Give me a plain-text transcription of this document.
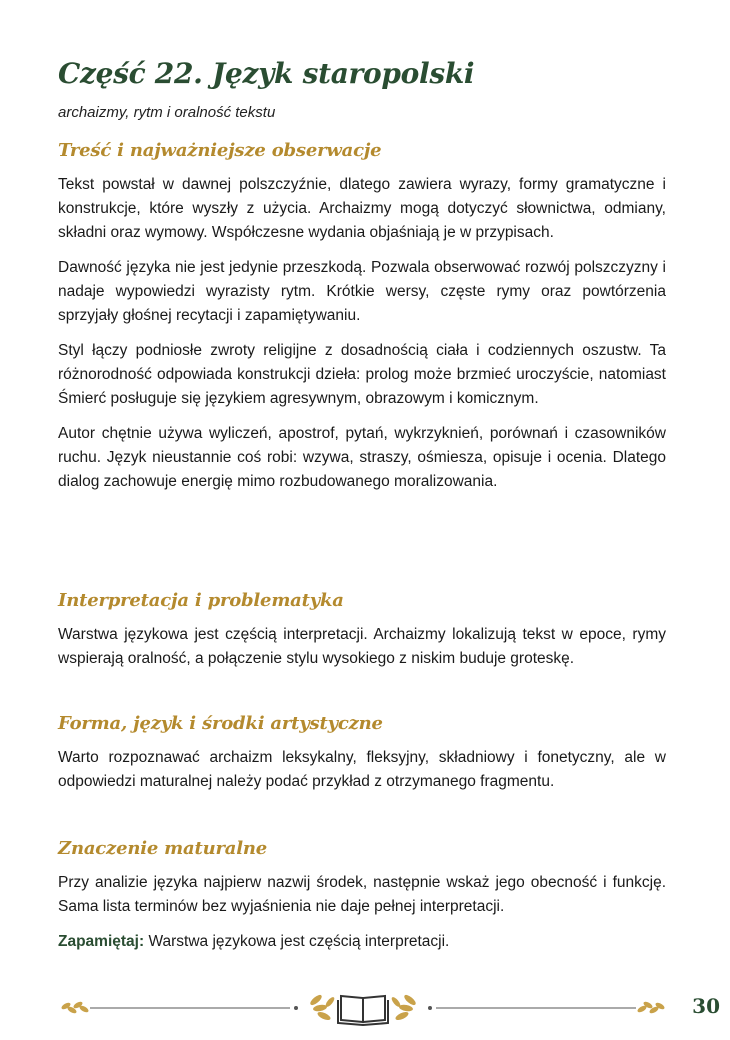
Część 22. Język staropolski
archaizmy, rytm i oralność tekstu
Treść i najważniejsze obserwacje

Tekst powstał w dawnej polszczyźnie, dlatego zawiera wyrazy, formy gramatyczne i konstrukcje, które wyszły z użycia. Archaizmy mogą dotyczyć słownictwa, odmiany, składni oraz wymowy. Współczesne wydania objaśniają je w przypisach.

Dawność języka nie jest jedynie przeszkodą. Pozwala obserwować rozwój polszczyzny i nadaje wypowiedzi wyrazisty rytm. Krótkie wersy, częste rymy oraz powtórzenia sprzyjały głośnej recytacji i zapamiętywaniu.

Styl łączy podniosłe zwroty religijne z dosadnością ciała i codziennych oszustw. Ta różnorodność odpowiada konstrukcji dzieła: prolog może brzmieć uroczyście, natomiast Śmierć posługuje się językiem agresywnym, obrazowym i komicznym.

Autor chętnie używa wyliczeń, apostrof, pytań, wykrzyknień, porównań i czasowników ruchu. Język nieustannie coś robi: wzywa, straszy, ośmiesza, opisuje i ocenia. Dlatego dialog zachowuje energię mimo rozbudowanego moralizowania.

Interpretacja i problematyka

Warstwa językowa jest częścią interpretacji. Archaizmy lokalizują tekst w epoce, rymy wspierają oralność, a połączenie stylu wysokiego z niskim buduje groteskę.

Forma, język i środki artystyczne

Warto rozpoznawać archaizm leksykalny, fleksyjny, składniowy i fonetyczny, ale w odpowiedzi maturalnej należy podać przykład z otrzymanego fragmentu.

Znaczenie maturalne

Przy analizie języka najpierw nazwij środek, następnie wskaż jego obecność i funkcję. Sama lista terminów bez wyjaśnienia nie daje pełnej interpretacji.

Zapamiętaj: Warstwa językowa jest częścią interpretacji.
30
